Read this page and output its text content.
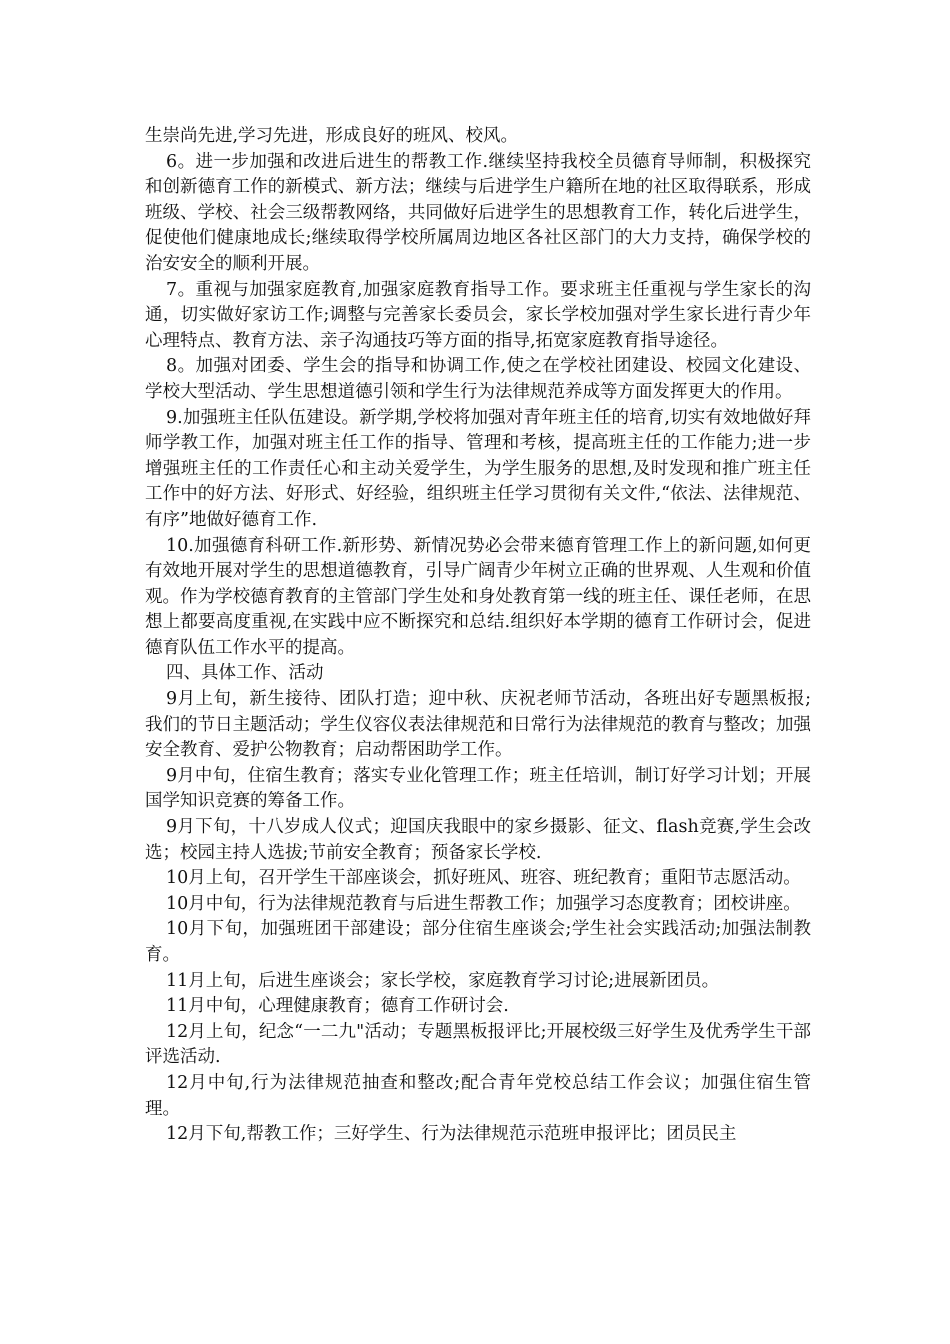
生崇尚先进,学习先进，形成良好的班风、校风。

6。进一步加强和改进后进生的帮教工作.继续坚持我校全员德育导师制，积极探究和创新德育工作的新模式、新方法；继续与后进学生户籍所在地的社区取得联系，形成班级、学校、社会三级帮教网络，共同做好后进学生的思想教育工作，转化后进学生，促使他们健康地成长;继续取得学校所属周边地区各社区部门的大力支持，确保学校的治安安全的顺利开展。

7。重视与加强家庭教育,加强家庭教育指导工作。要求班主任重视与学生家长的沟通，切实做好家访工作;调整与完善家长委员会，家长学校加强对学生家长进行青少年心理特点、教育方法、亲子沟通技巧等方面的指导,拓宽家庭教育指导途径。

8。加强对团委、学生会的指导和协调工作,使之在学校社团建设、校园文化建设、学校大型活动、学生思想道德引领和学生行为法律规范养成等方面发挥更大的作用。

9.加强班主任队伍建设。新学期,学校将加强对青年班主任的培育,切实有效地做好拜师学教工作，加强对班主任工作的指导、管理和考核，提高班主任的工作能力;进一步增强班主任的工作责任心和主动关爱学生，为学生服务的思想,及时发现和推广班主任工作中的好方法、好形式、好经验，组织班主任学习贯彻有关文件,“依法、法律规范、有序”地做好德育工作.

10.加强德育科研工作.新形势、新情况势必会带来德育管理工作上的新问题,如何更有效地开展对学生的思想道德教育，引导广阔青少年树立正确的世界观、人生观和价值观。作为学校德育教育的主管部门学生处和身处教育第一线的班主任、课任老师，在思想上都要高度重视,在实践中应不断探究和总结.组织好本学期的德育工作研讨会，促进德育队伍工作水平的提高。

四、具体工作、活动

9月上旬，新生接待、团队打造；迎中秋、庆祝老师节活动，各班出好专题黑板报;我们的节日主题活动；学生仪容仪表法律规范和日常行为法律规范的教育与整改；加强安全教育、爱护公物教育；启动帮困助学工作。

9月中旬，住宿生教育；落实专业化管理工作；班主任培训，制订好学习计划；开展国学知识竞赛的筹备工作。

9月下旬，十八岁成人仪式；迎国庆我眼中的家乡摄影、征文、flash竞赛,学生会改选；校园主持人选拔;节前安全教育；预备家长学校.

10月上旬，召开学生干部座谈会，抓好班风、班容、班纪教育；重阳节志愿活动。

10月中旬，行为法律规范教育与后进生帮教工作；加强学习态度教育；团校讲座。

10月下旬，加强班团干部建设；部分住宿生座谈会;学生社会实践活动;加强法制教育。

11月上旬，后进生座谈会；家长学校，家庭教育学习讨论;进展新团员。

11月中旬，心理健康教育；德育工作研讨会.

12月上旬，纪念“一二九"活动；专题黑板报评比;开展校级三好学生及优秀学生干部评选活动.

12月中旬,行为法律规范抽查和整改;配合青年党校总结工作会议；加强住宿生管理。

12月下旬,帮教工作；三好学生、行为法律规范示范班申报评比；团员民主
